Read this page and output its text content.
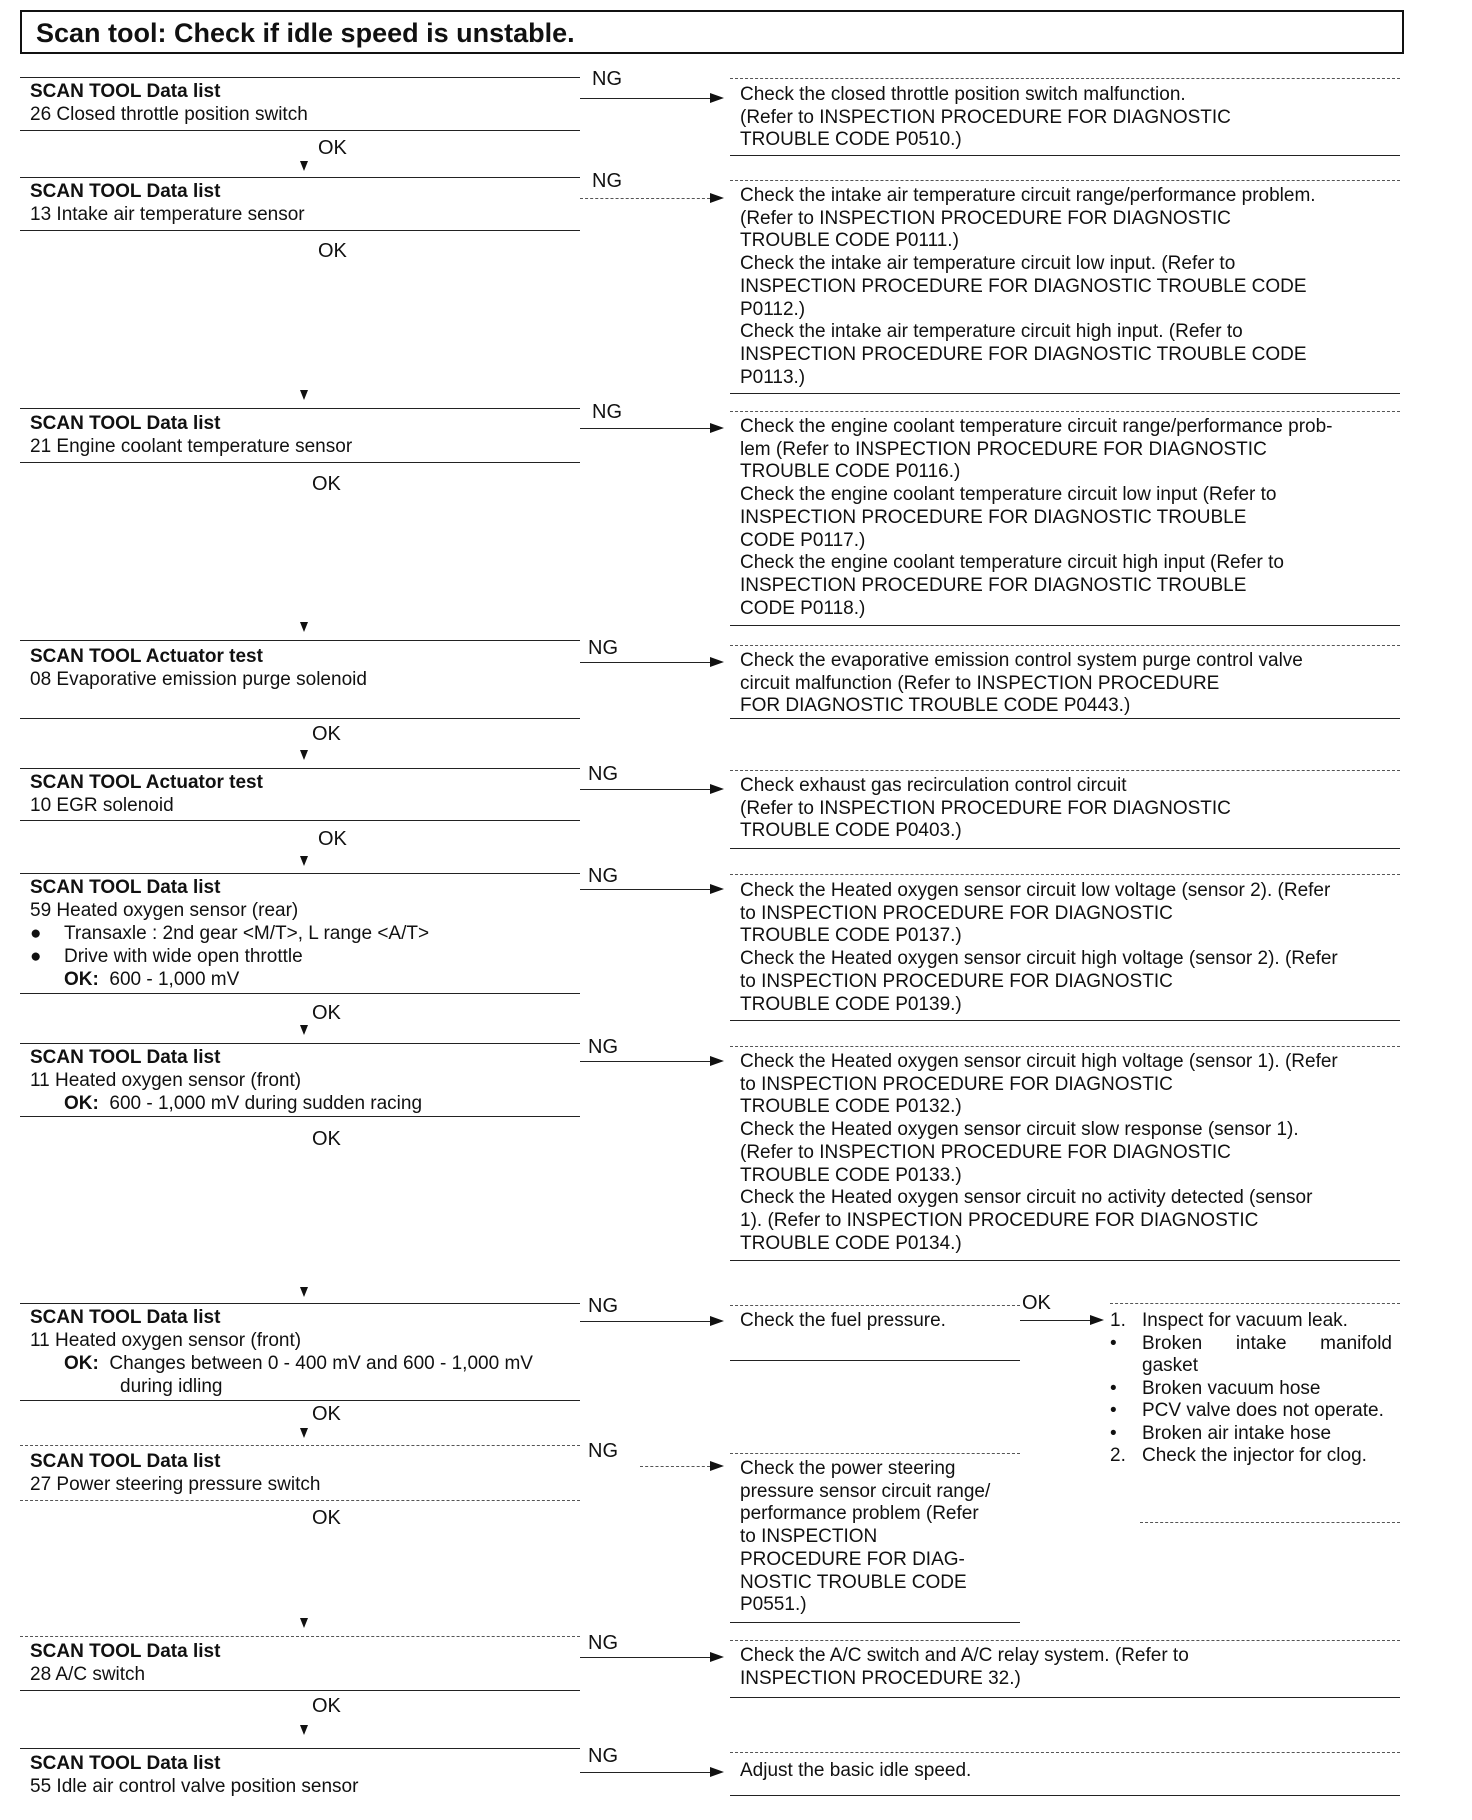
Scan tool: Check if idle speed is unstable.
SCAN TOOL Data list
26 Closed throttle position switch
NG

Check the closed throttle position switch malfunction.

(Refer to INSPECTION PROCEDURE FOR DIAGNOSTIC

TROUBLE CODE P0510.)

OK
SCAN TOOL Data list
13 Intake air temperature sensor
NG

Check the intake air temperature circuit range/performance problem.

(Refer to INSPECTION PROCEDURE FOR DIAGNOSTIC

TROUBLE CODE P0111.)

Check the intake air temperature circuit low input. (Refer to

INSPECTION PROCEDURE FOR DIAGNOSTIC TROUBLE CODE

P0112.)

Check the intake air temperature circuit high input. (Refer to

INSPECTION PROCEDURE FOR DIAGNOSTIC TROUBLE CODE

P0113.)

OK
SCAN TOOL Data list
21 Engine coolant temperature sensor
NG

Check the engine coolant temperature circuit range/performance prob-

lem (Refer to INSPECTION PROCEDURE FOR DIAGNOSTIC

TROUBLE CODE P0116.)

Check the engine coolant temperature circuit low input (Refer to

INSPECTION PROCEDURE FOR DIAGNOSTIC TROUBLE

CODE P0117.)

Check the engine coolant temperature circuit high input (Refer to

INSPECTION PROCEDURE FOR DIAGNOSTIC TROUBLE

CODE P0118.)

OK
SCAN TOOL Actuator test
08 Evaporative emission purge solenoid
NG

Check the evaporative emission control system purge control valve

circuit malfunction (Refer to INSPECTION PROCEDURE

FOR DIAGNOSTIC TROUBLE CODE P0443.)

OK
SCAN TOOL Actuator test
10 EGR solenoid
NG

Check exhaust gas recirculation control circuit

(Refer to INSPECTION PROCEDURE FOR DIAGNOSTIC

TROUBLE CODE P0403.)

OK
SCAN TOOL Data list
59 Heated oxygen sensor (rear)
● Transaxle : 2nd gear <M/T>, L range <A/T>
● Drive with wide open throttle
OK: 600 - 1,000 mV
NG

Check the Heated oxygen sensor circuit low voltage (sensor 2). (Refer

to INSPECTION PROCEDURE FOR DIAGNOSTIC

TROUBLE CODE P0137.)

Check the Heated oxygen sensor circuit high voltage (sensor 2). (Refer

to INSPECTION PROCEDURE FOR DIAGNOSTIC

TROUBLE CODE P0139.)

OK
SCAN TOOL Data list
11 Heated oxygen sensor (front)
OK: 600 - 1,000 mV during sudden racing
NG

Check the Heated oxygen sensor circuit high voltage (sensor 1). (Refer

to INSPECTION PROCEDURE FOR DIAGNOSTIC

TROUBLE CODE P0132.)

Check the Heated oxygen sensor circuit slow response (sensor 1).

(Refer to INSPECTION PROCEDURE FOR DIAGNOSTIC

TROUBLE CODE P0133.)

Check the Heated oxygen sensor circuit no activity detected (sensor

1). (Refer to INSPECTION PROCEDURE FOR DIAGNOSTIC

TROUBLE CODE P0134.)

OK
SCAN TOOL Data list
11 Heated oxygen sensor (front)
OK: Changes between 0 - 400 mV and 600 - 1,000 mV
during idling
NG

Check the fuel pressure.

OK
1. Inspect for vacuum leak.
•	Broken intake manifold gasket
•	Broken vacuum hose
•	PCV valve does not operate.
•	Broken air intake hose
2. Check the injector for clog.
OK
SCAN TOOL Data list
27 Power steering pressure switch
NG

Check the power steering

pressure sensor circuit range/

performance problem (Refer

to INSPECTION

PROCEDURE FOR DIAG-

NOSTIC TROUBLE CODE

P0551.)

OK
SCAN TOOL Data list
28 A/C switch
NG

Check the A/C switch and A/C relay system. (Refer to

INSPECTION PROCEDURE 32.)

OK
SCAN TOOL Data list
55 Idle air control valve position sensor
NG

Adjust the basic idle speed.
